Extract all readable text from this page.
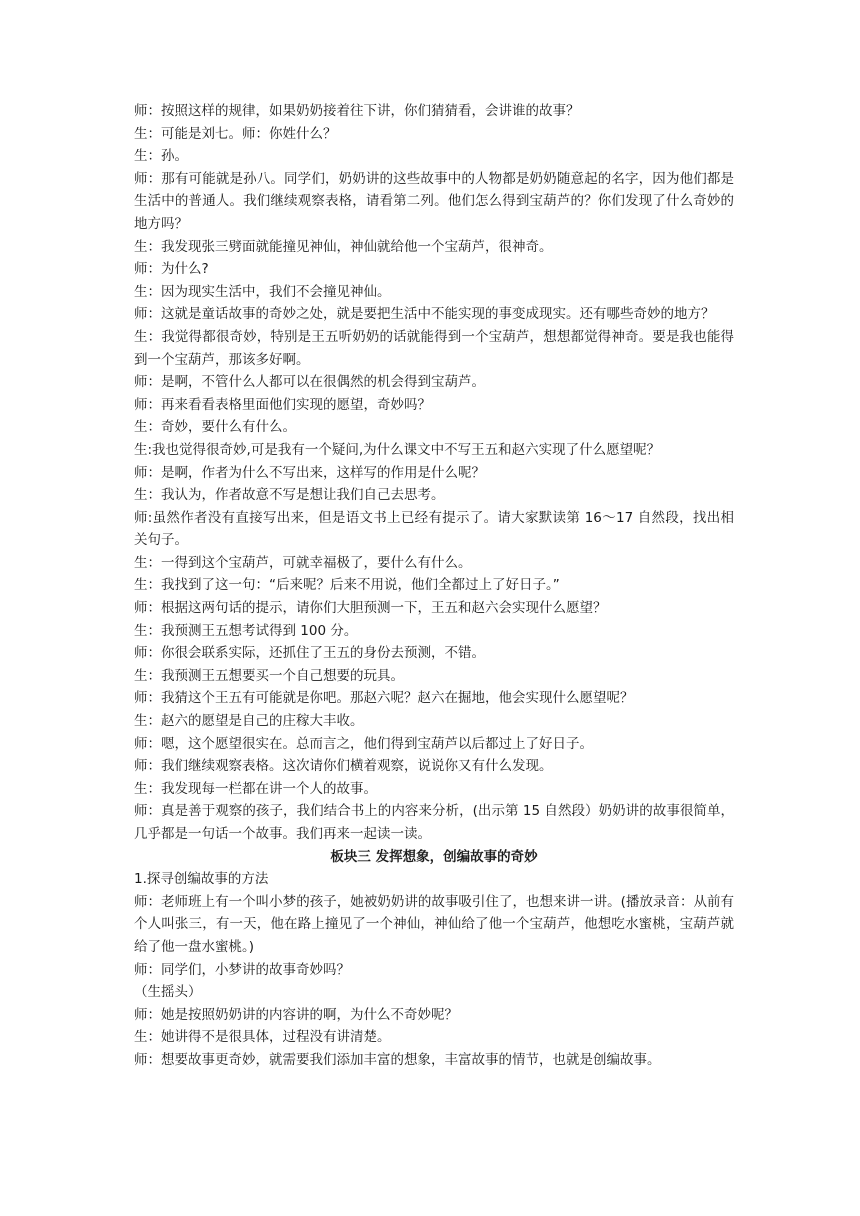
师：按照这样的规律，如果奶奶接着往下讲，你们猜猜看，会讲谁的故事？

生：可能是刘七。师：你姓什么？

生：孙。

师：那有可能就是孙八。同学们，奶奶讲的这些故事中的人物都是奶奶随意起的名字，因为他们都是生活中的普通人。我们继续观察表格，请看第二列。他们怎么得到宝葫芦的？你们发现了什么奇妙的地方吗？

生：我发现张三劈面就能撞见神仙，神仙就给他一个宝葫芦，很神奇。

师：为什么?

生：因为现实生活中，我们不会撞见神仙。

师：这就是童话故事的奇妙之处，就是要把生活中不能实现的事变成现实。还有哪些奇妙的地方？

生：我觉得都很奇妙，特别是王五听奶奶的话就能得到一个宝葫芦，想想都觉得神奇。要是我也能得到一个宝葫芦，那该多好啊。

师：是啊，不管什么人都可以在很偶然的机会得到宝葫芦。

师：再来看看表格里面他们实现的愿望，奇妙吗？

生：奇妙，要什么有什么。

生:我也觉得很奇妙,可是我有一个疑问,为什么课文中不写王五和赵六实现了什么愿望呢？

师：是啊，作者为什么不写出来，这样写的作用是什么呢？

生：我认为，作者故意不写是想让我们自己去思考。

师:虽然作者没有直接写出来，但是语文书上已经有提示了。请大家默读第 16～17 自然段，找出相关句子。

生：一得到这个宝葫芦，可就幸福极了，要什么有什么。

生：我找到了这一句：“后来呢？后来不用说，他们全都过上了好日子。”

师：根据这两句话的提示，请你们大胆预测一下，王五和赵六会实现什么愿望？

生：我预测王五想考试得到 100 分。

师：你很会联系实际，还抓住了王五的身份去预测，不错。

生：我预测王五想要买一个自己想要的玩具。

师：我猜这个王五有可能就是你吧。那赵六呢？赵六在掘地，他会实现什么愿望呢？

生：赵六的愿望是自己的庄稼大丰收。

师：嗯，这个愿望很实在。总而言之，他们得到宝葫芦以后都过上了好日子。

师：我们继续观察表格。这次请你们横着观察，说说你又有什么发现。

生：我发现每一栏都在讲一个人的故事。

师：真是善于观察的孩子，我们结合书上的内容来分析，(出示第 15 自然段）奶奶讲的故事很简单，几乎都是一句话一个故事。我们再来一起读一读。

板块三 发挥想象，创编故事的奇妙

1.探寻创编故事的方法

师：老师班上有一个叫小梦的孩子，她被奶奶讲的故事吸引住了，也想来讲一讲。(播放录音：从前有个人叫张三，有一天，他在路上撞见了一个神仙，神仙给了他一个宝葫芦，他想吃水蜜桃，宝葫芦就给了他一盘水蜜桃。)

师：同学们，小梦讲的故事奇妙吗？

（生摇头）

师：她是按照奶奶讲的内容讲的啊，为什么不奇妙呢？

生：她讲得不是很具体，过程没有讲清楚。

师：想要故事更奇妙，就需要我们添加丰富的想象，丰富故事的情节，也就是创编故事。
